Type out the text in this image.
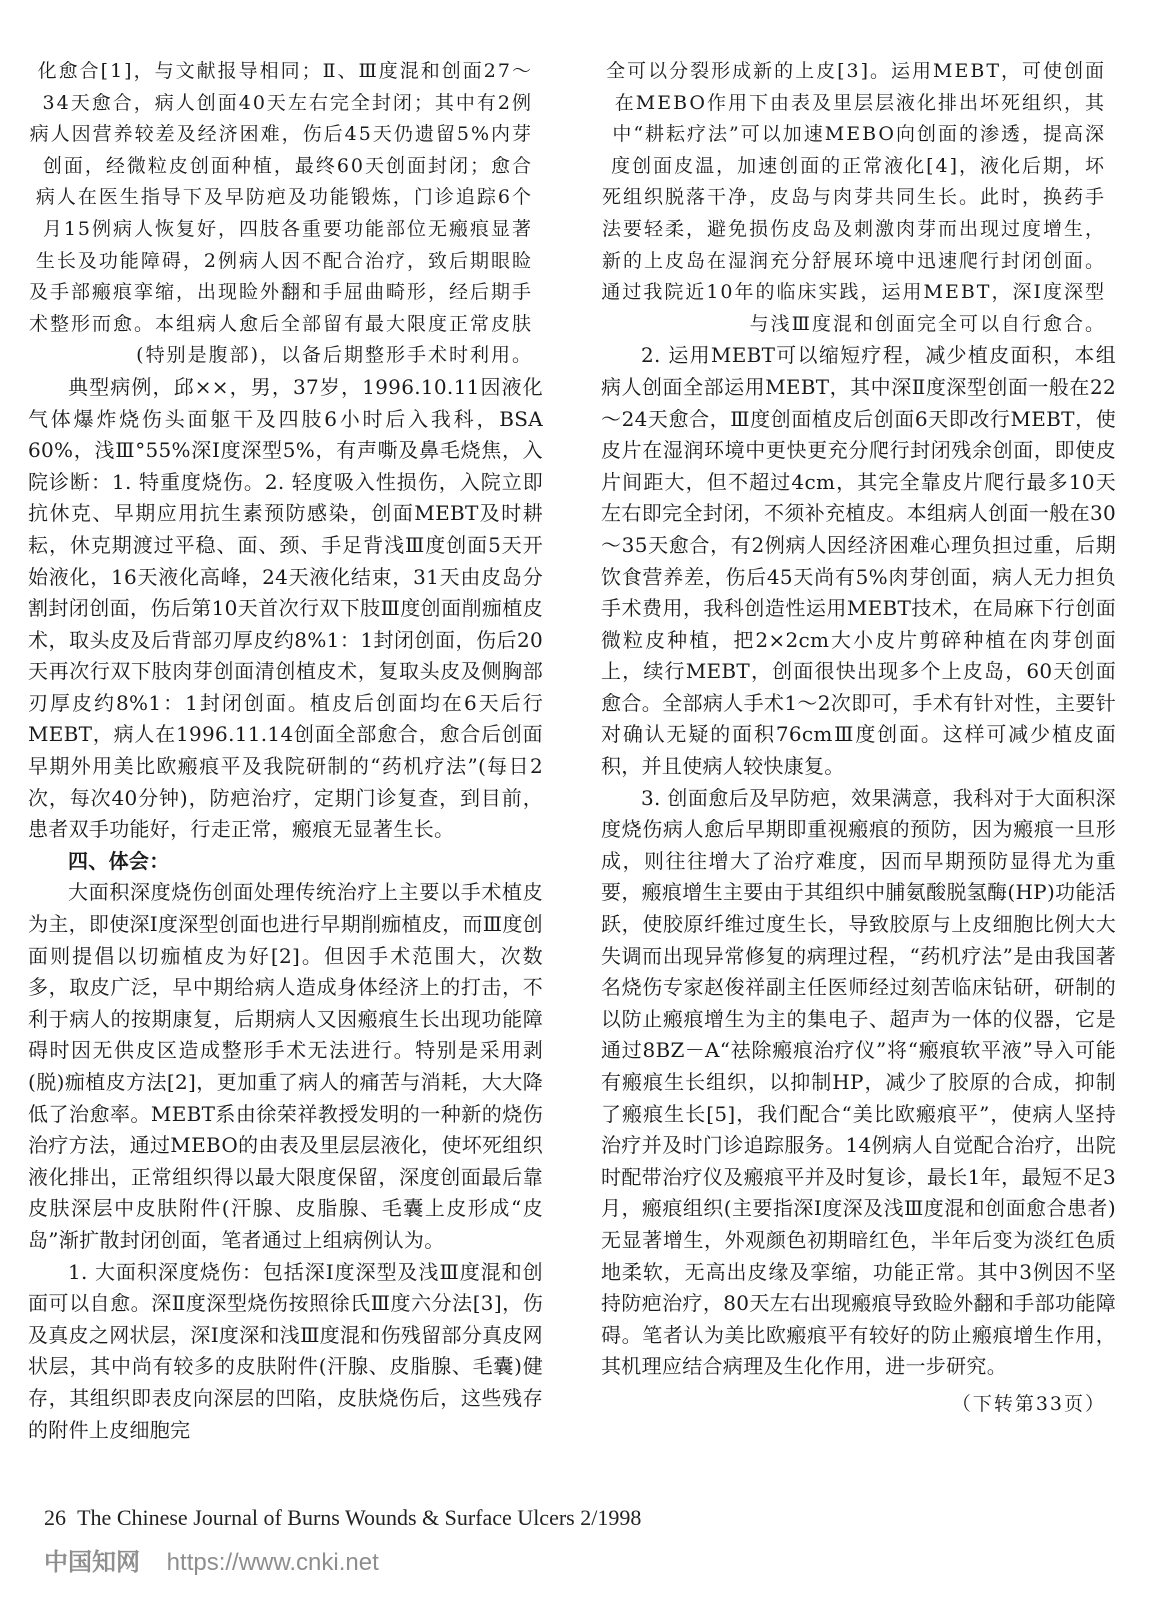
化愈合[1]，与文献报导相同；Ⅱ、Ⅲ度混和创面27～34天愈合，病人创面40天左右完全封闭；其中有2例病人因营养较差及经济困难，伤后45天仍遗留5%内芽创面，经微粒皮创面种植，最终60天创面封闭；愈合病人在医生指导下及早防疤及功能锻炼，门诊追踪6个月15例病人恢复好，四肢各重要功能部位无瘢痕显著生长及功能障碍，2例病人因不配合治疗，致后期眼睑及手部瘢痕挛缩，出现睑外翻和手屈曲畸形，经后期手术整形而愈。本组病人愈后全部留有最大限度正常皮肤(特别是腹部)，以备后期整形手术时利用。

典型病例，邱××，男，37岁，1996.10.11因液化气体爆炸烧伤头面躯干及四肢6小时后入我科，BSA 60%，浅Ⅲ°55%深Ⅰ度深型5%，有声嘶及鼻毛烧焦，入院诊断：1. 特重度烧伤。2. 轻度吸入性损伤，入院立即抗休克、早期应用抗生素预防感染，创面MEBT及时耕耘，休克期渡过平稳、面、颈、手足背浅Ⅲ度创面5天开始液化，16天液化高峰，24天液化结束，31天由皮岛分割封闭创面，伤后第10天首次行双下肢Ⅲ度创面削痂植皮术，取头皮及后背部刃厚皮约8%1：1封闭创面，伤后20天再次行双下肢肉芽创面清创植皮术，复取头皮及侧胸部刃厚皮约8%1：1封闭创面。植皮后创面均在6天后行MEBT，病人在1996.11.14创面全部愈合，愈合后创面早期外用美比欧瘢痕平及我院研制的“药机疗法”(每日2次，每次40分钟)，防疤治疗，定期门诊复查，到目前，患者双手功能好，行走正常，瘢痕无显著生长。

四、体会：

大面积深度烧伤创面处理传统治疗上主要以手术植皮为主，即使深Ⅰ度深型创面也进行早期削痂植皮，而Ⅲ度创面则提倡以切痂植皮为好[2]。但因手术范围大，次数多，取皮广泛，早中期给病人造成身体经济上的打击，不利于病人的按期康复，后期病人又因瘢痕生长出现功能障碍时因无供皮区造成整形手术无法进行。特别是采用剥(脱)痂植皮方法[2]，更加重了病人的痛苦与消耗，大大降低了治愈率。MEBT系由徐荣祥教授发明的一种新的烧伤治疗方法，通过MEBO的由表及里层层液化，使坏死组织液化排出，正常组织得以最大限度保留，深度创面最后靠皮肤深层中皮肤附件(汗腺、皮脂腺、毛囊上皮形成“皮岛”渐扩散封闭创面，笔者通过上组病例认为。

1. 大面积深度烧伤：包括深Ⅰ度深型及浅Ⅲ度混和创面可以自愈。深Ⅱ度深型烧伤按照徐氏Ⅲ度六分法[3]，伤及真皮之网状层，深Ⅰ度深和浅Ⅲ度混和伤残留部分真皮网状层，其中尚有较多的皮肤附件(汗腺、皮脂腺、毛囊)健存，其组织即表皮向深层的凹陷，皮肤烧伤后，这些残存的附件上皮细胞完

全可以分裂形成新的上皮[3]。运用MEBT，可使创面在MEBO作用下由表及里层层液化排出坏死组织，其中“耕耘疗法”可以加速MEBO向创面的渗透，提高深度创面皮温，加速创面的正常液化[4]，液化后期，坏死组织脱落干净，皮岛与肉芽共同生长。此时，换药手法要轻柔，避免损伤皮岛及刺激肉芽而出现过度增生，新的上皮岛在湿润充分舒展环境中迅速爬行封闭创面。通过我院近10年的临床实践，运用MEBT，深Ⅰ度深型与浅Ⅲ度混和创面完全可以自行愈合。

2. 运用MEBT可以缩短疗程，减少植皮面积，本组病人创面全部运用MEBT，其中深Ⅱ度深型创面一般在22～24天愈合，Ⅲ度创面植皮后创面6天即改行MEBT，使皮片在湿润环境中更快更充分爬行封闭残余创面，即使皮片间距大，但不超过4cm，其完全靠皮片爬行最多10天左右即完全封闭，不须补充植皮。本组病人创面一般在30～35天愈合，有2例病人因经济困难心理负担过重，后期饮食营养差，伤后45天尚有5%肉芽创面，病人无力担负手术费用，我科创造性运用MEBT技术，在局麻下行创面微粒皮种植，把2×2cm大小皮片剪碎种植在肉芽创面上，续行MEBT，创面很快出现多个上皮岛，60天创面愈合。全部病人手术1～2次即可，手术有针对性，主要针对确认无疑的面积76cmⅢ度创面。这样可减少植皮面积，并且使病人较快康复。

3. 创面愈后及早防疤，效果满意，我科对于大面积深度烧伤病人愈后早期即重视瘢痕的预防，因为瘢痕一旦形成，则往往增大了治疗难度，因而早期预防显得尤为重要，瘢痕增生主要由于其组织中脯氨酸脱氢酶(HP)功能活跃，使胶原纤维过度生长，导致胶原与上皮细胞比例大大失调而出现异常修复的病理过程，“药机疗法”是由我国著名烧伤专家赵俊祥副主任医师经过刻苦临床钻研，研制的以防止瘢痕增生为主的集电子、超声为一体的仪器，它是通过8BZ－A“祛除瘢痕治疗仪”将“瘢痕软平液”导入可能有瘢痕生长组织，以抑制HP，减少了胶原的合成，抑制了瘢痕生长[5]，我们配合“美比欧瘢痕平”，使病人坚持治疗并及时门诊追踪服务。14例病人自觉配合治疗，出院时配带治疗仪及瘢痕平并及时复诊，最长1年，最短不足3月，瘢痕组织(主要指深Ⅰ度深及浅Ⅲ度混和创面愈合患者)无显著增生，外观颜色初期暗红色，半年后变为淡红色质地柔软，无高出皮缘及挛缩，功能正常。其中3例因不坚持防疤治疗，80天左右出现瘢痕导致睑外翻和手部功能障碍。笔者认为美比欧瘢痕平有较好的防止瘢痕增生作用，其机理应结合病理及生化作用，进一步研究。

（下转第33页）

26 The Chinese Journal of Burns Wounds & Surface Ulcers 2/1998
中国知网 https://www.cnki.net
